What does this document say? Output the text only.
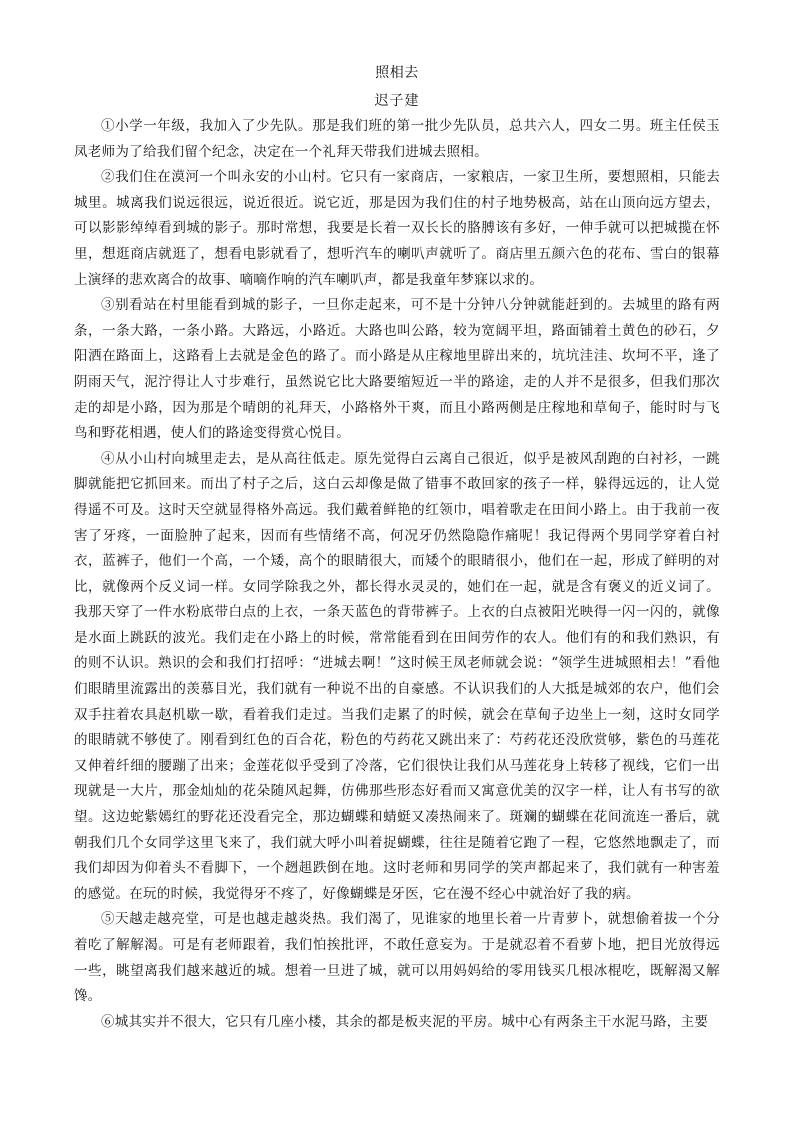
照相去
迟子建

①小学一年级，我加入了少先队。那是我们班的第一批少先队员，总共六人，四女二男。班主任侯玉凤老师为了给我们留个纪念，决定在一个礼拜天带我们进城去照相。

②我们住在漠河一个叫永安的小山村。它只有一家商店，一家粮店，一家卫生所，要想照相，只能去城里。城离我们说远很远，说近很近。说它近，那是因为我们住的村子地势极高，站在山顶向远方望去，可以影影绰绰看到城的影子。那时常想，我要是长着一双长长的胳膊该有多好，一伸手就可以把城揽在怀里，想逛商店就逛了，想看电影就看了，想听汽车的喇叭声就听了。商店里五颜六色的花布、雪白的银幕上演绎的悲欢离合的故事、嘀嘀作响的汽车喇叭声，都是我童年梦寐以求的。

③别看站在村里能看到城的影子，一旦你走起来，可不是十分钟八分钟就能赶到的。去城里的路有两条，一条大路，一条小路。大路远，小路近。大路也叫公路，较为宽阔平坦，路面铺着土黄色的砂石，夕阳洒在路面上，这路看上去就是金色的路了。而小路是从庄稼地里辟出来的，坑坑洼洼、坎坷不平，逢了阴雨天气，泥泞得让人寸步难行，虽然说它比大路要缩短近一半的路途，走的人并不是很多，但我们那次走的却是小路，因为那是个晴朗的礼拜天，小路格外干爽，而且小路两侧是庄稼地和草甸子，能时时与飞鸟和野花相遇，使人们的路途变得赏心悦目。

④从小山村向城里走去，是从高往低走。原先觉得白云离自己很近，似乎是被风刮跑的白衬衫，一跳脚就能把它抓回来。而出了村子之后，这白云却像是做了错事不敢回家的孩子一样，躲得远远的，让人觉得遥不可及。这时天空就显得格外高远。我们戴着鲜艳的红领巾，唱着歌走在田间小路上。由于我前一夜害了牙疼，一面脸肿了起来，因而有些情绪不高，何况牙仍然隐隐作痛呢！我记得两个男同学穿着白衬衣，蓝裤子，他们一个高，一个矮，高个的眼睛很大，而矮个的眼睛很小，他们在一起，形成了鲜明的对比，就像两个反义词一样。女同学除我之外，都长得水灵灵的，她们在一起，就是含有褒义的近义词了。我那天穿了一件水粉底带白点的上衣，一条天蓝色的背带裤子。上衣的白点被阳光映得一闪一闪的，就像是水面上跳跃的波光。我们走在小路上的时候，常常能看到在田间劳作的农人。他们有的和我们熟识，有的则不认识。熟识的会和我们打招呼：“进城去啊！”这时候王凤老师就会说：“领学生进城照相去！”看他们眼睛里流露出的羡慕目光，我们就有一种说不出的自豪感。不认识我们的人大抵是城郊的农户，他们会双手拄着农具赵机歇一歇，看着我们走过。当我们走累了的时候，就会在草甸子边坐上一刻，这时女同学的眼睛就不够使了。刚看到红色的百合花，粉色的芍药花又跳出来了：芍药花还没欣赏够，紫色的马莲花又伸着纤细的腰蹦了出来；金莲花似乎受到了冷落，它们很快让我们从马莲花身上转移了视线，它们一出现就是一大片，那金灿灿的花朵随风起舞，仿佛那些形态好看而又寓意优美的汉字一样，让人有书写的欲望。这边蛇紫嫣红的野花还没看完全，那边蝴蝶和蜻蜓又凑热闹来了。斑斓的蝴蝶在花间流连一番后，就朝我们几个女同学这里飞来了，我们就大呼小叫着捉蝴蝶，往往是随着它跑了一程，它悠然地飘走了，而我们却因为仰着头不看脚下，一个趔趄跌倒在地。这时老师和男同学的笑声都起来了，我们就有一种害羞的感觉。在玩的时候，我觉得牙不疼了，好像蝴蝶是牙医，它在漫不经心中就治好了我的病。

⑤天越走越亮堂，可是也越走越炎热。我们渴了，见谁家的地里长着一片青萝卜，就想偷着拔一个分着吃了解解渴。可是有老师跟着，我们怕挨批评，不敢任意妄为。于是就忍着不看萝卜地，把目光放得远一些，眺望离我们越来越近的城。想着一旦进了城，就可以用妈妈给的零用钱买几根冰棍吃，既解渴又解馋。

⑥城其实并不很大，它只有几座小楼，其余的都是板夹泥的平房。城中心有两条主干水泥马路，主要
